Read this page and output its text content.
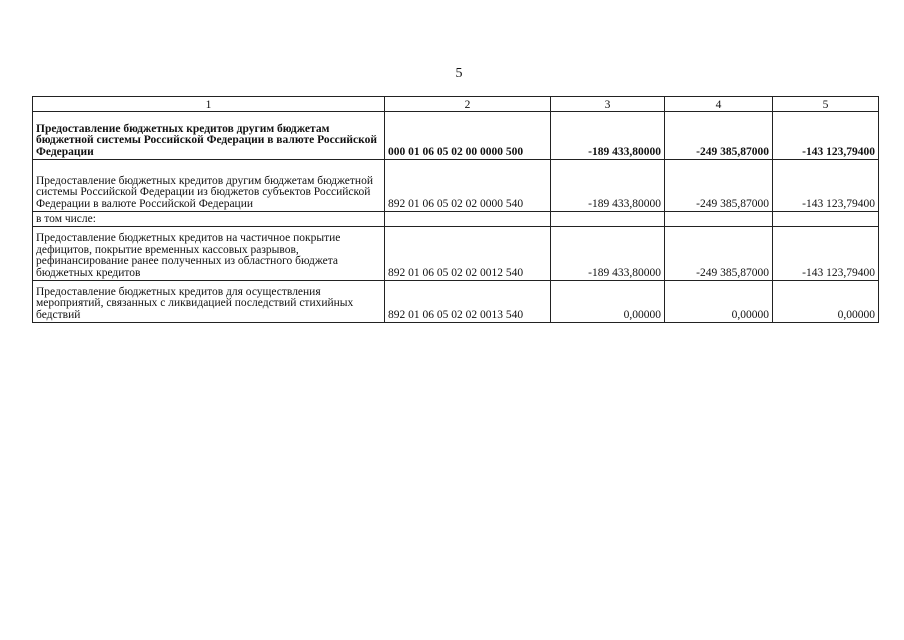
5
1	2	3	4	5
Предоставление бюджетных кредитов другим бюджетам бюджетной системы Российской Федерации в валюте Российской Федерации	000 01 06 05 02 00 0000 500	-189 433,80000	-249 385,87000	-143 123,79400
Предоставление бюджетных кредитов другим бюджетам бюджетной системы Российской Федерации из бюджетов субъектов Российской Федерации в валюте Российской Федерации	892 01 06 05 02 02 0000 540	-189 433,80000	-249 385,87000	-143 123,79400
в том числе:				
Предоставление бюджетных кредитов на частичное покрытие дефицитов, покрытие временных кассовых разрывов, рефинансирование ранее полученных из областного бюджета бюджетных кредитов	892 01 06 05 02 02 0012 540	-189 433,80000	-249 385,87000	-143 123,79400
Предоставление бюджетных кредитов для осуществления мероприятий, связанных с ликвидацией последствий стихийных бедствий	892 01 06 05 02 02 0013 540	0,00000	0,00000	0,00000
